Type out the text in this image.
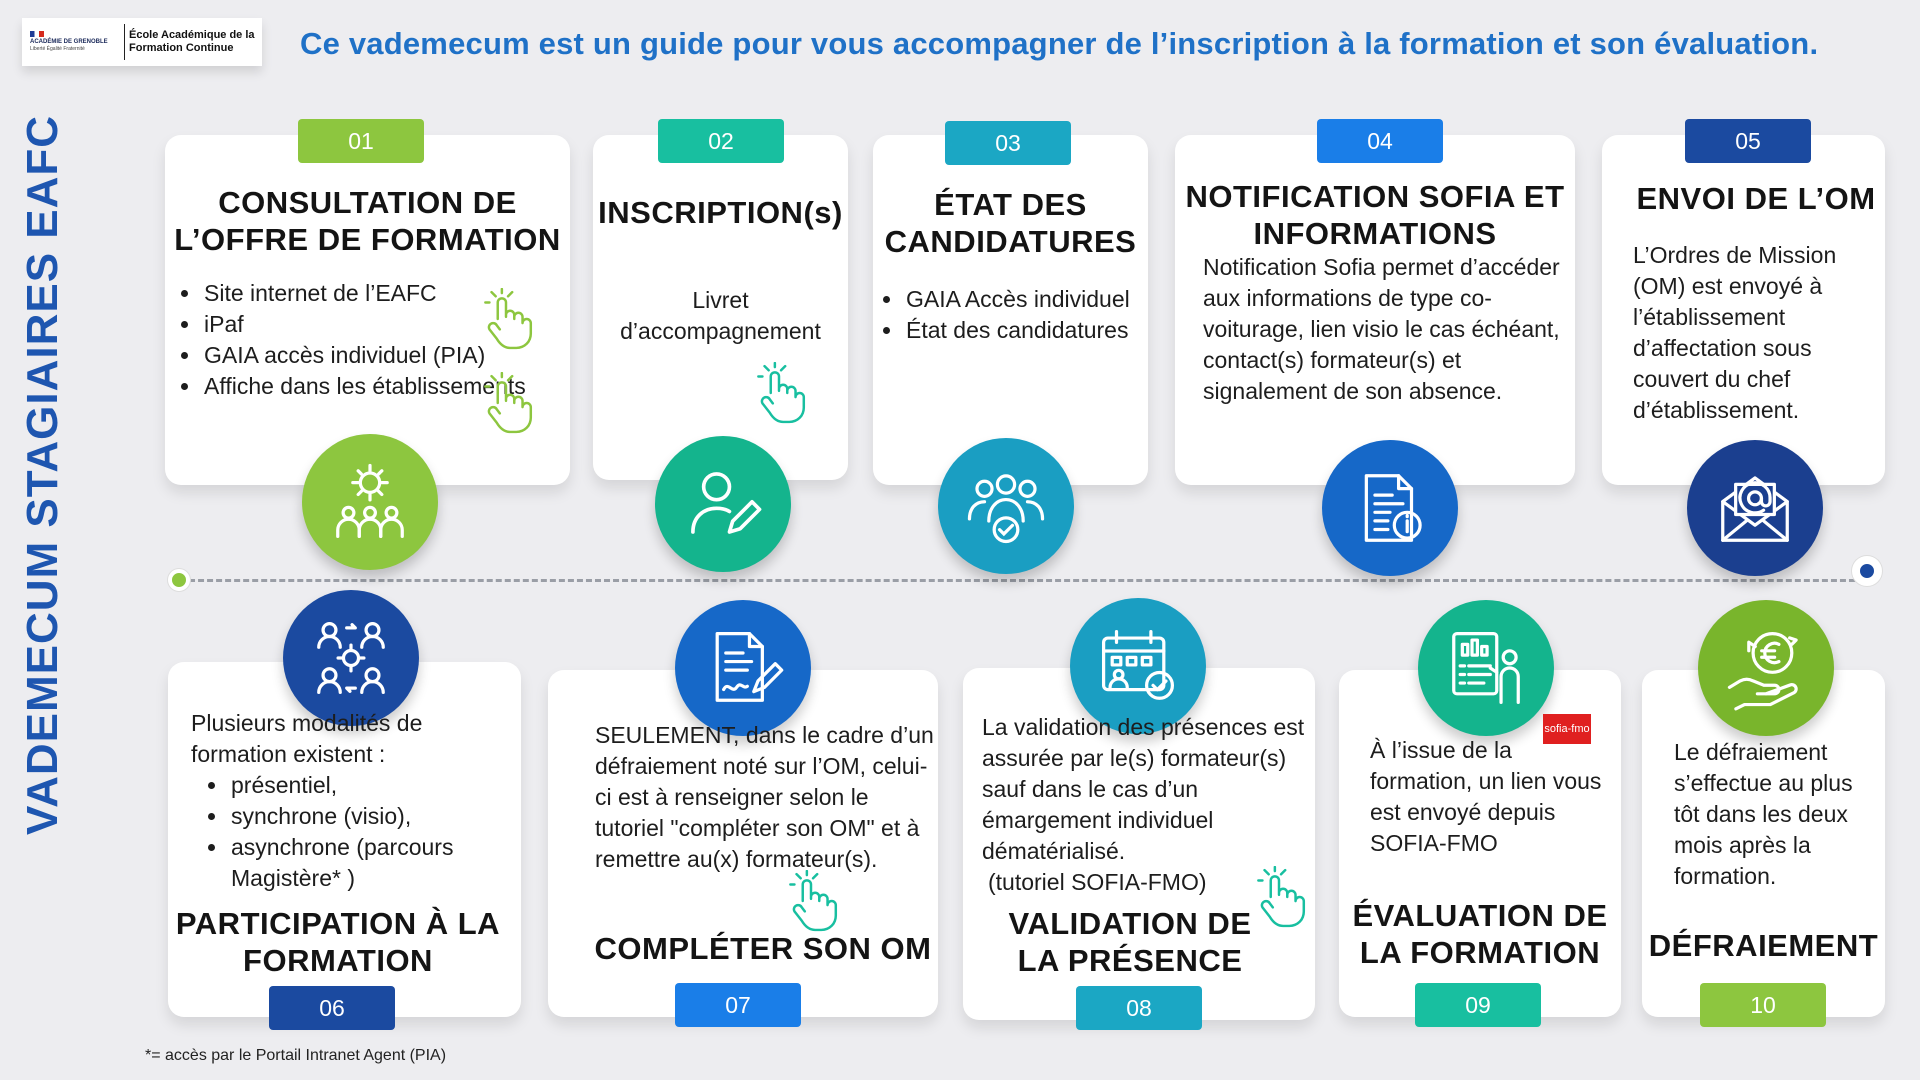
ACADÉMIE DE GRENOBLE
Liberté Égalité Fraternité
École Académique de la
Formation Continue	Ce vademecum est un guide pour vous accompagner de l’inscription à la formation et son évaluation.
VADEMECUM STAGIAIRES EAFC	01
CONSULTATION DE L’OFFRE DE FORMATION
• Site internet de l’EAFC
• iPaf
• GAIA accès individuel (PIA)
• Affiche dans les établissements
02
INSCRIPTION(s)
Livret d’accompagnement
03
ÉTAT DES CANDIDATURES
• GAIA Accès individuel
• État des candidatures
04
NOTIFICATION SOFIA ET INFORMATIONS
Notification Sofia permet d’accéder aux informations de type co-voiturage, lien visio le cas échéant, contact(s) formateur(s) et signalement de son absence.
05
ENVOI DE L’OM
L’Ordres de Mission (OM) est envoyé à l’établissement d’affectation sous couvert du chef d’établissement.
Plusieurs modalités de formation existent :
• présentiel,
• synchrone (visio),
• asynchrone (parcours Magistère* )
PARTICIPATION À LA FORMATION
06
SEULEMENT, dans le cadre d’un défraiement noté sur l’OM, celui-ci est à renseigner selon le tutoriel "compléter son OM" et à remettre au(x) formateur(s).
COMPLÉTER SON OM
07
La validation des présences est assurée par le(s) formateur(s) sauf dans le cas d’un émargement individuel dématérialisé.
(tutoriel SOFIA-FMO)
VALIDATION DE LA PRÉSENCE
08
sofia-fmo
À l’issue de la formation, un lien vous est envoyé depuis SOFIA-FMO
ÉVALUATION DE LA FORMATION
09
Le défraiement s’effectue au plus tôt dans les deux mois après la formation.
DÉFRAIEMENT
10
*= accès par le Portail Intranet Agent (PIA)
